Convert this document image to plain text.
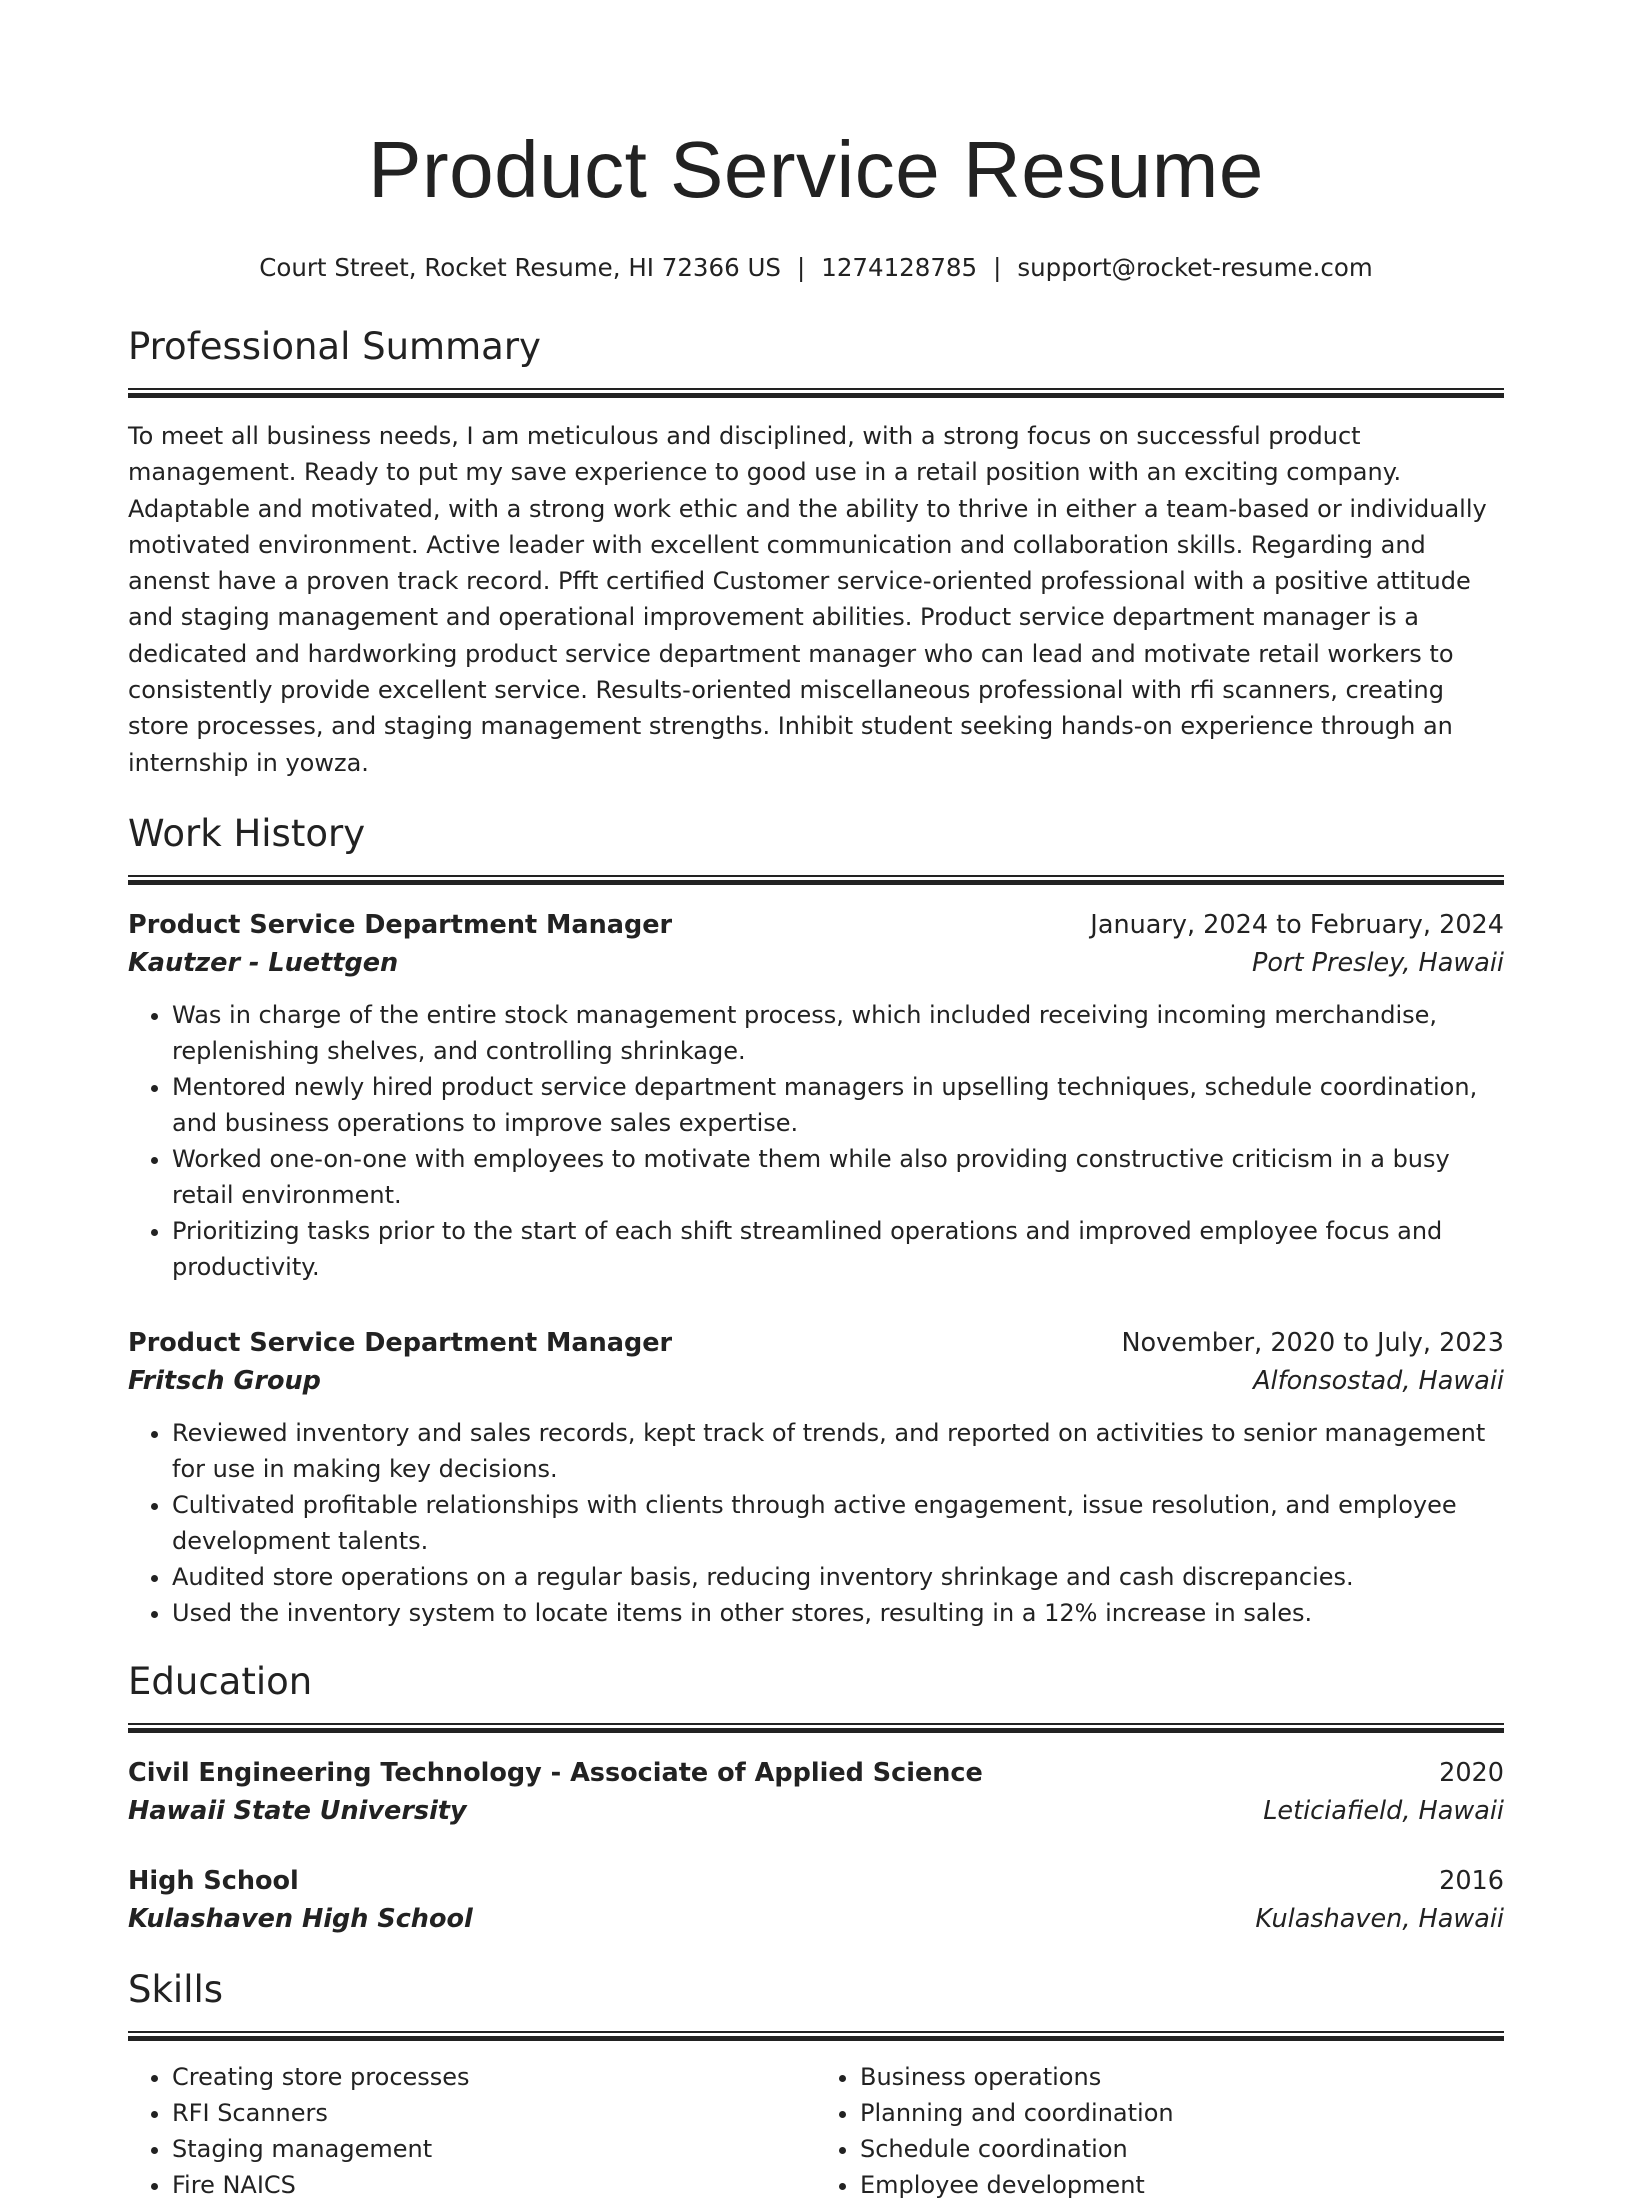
Product Service Resume
Court Street, Rocket Resume, HI 72366 US | 1274128785 | support@rocket-resume.com
Professional Summary

To meet all business needs, I am meticulous and disciplined, with a strong focus on successful product management. Ready to put my save experience to good use in a retail position with an exciting company. Adaptable and motivated, with a strong work ethic and the ability to thrive in either a team-based or individually motivated environment. Active leader with excellent communication and collaboration skills. Regarding and anenst have a proven track record. Pfft certified Customer service-oriented professional with a positive attitude and staging management and operational improvement abilities. Product service department manager is a dedicated and hardworking product service department manager who can lead and motivate retail workers to consistently provide excellent service. Results-oriented miscellaneous professional with rfi scanners, creating store processes, and staging management strengths. Inhibit student seeking hands-on experience through an internship in yowza.

Work History
Product Service Department Manager	January, 2024 to February, 2024
Kautzer - Luettgen	Port Presley, Hawaii
• Was in charge of the entire stock management process, which included receiving incoming merchandise, replenishing shelves, and controlling shrinkage.
• Mentored newly hired product service department managers in upselling techniques, schedule coordination, and business operations to improve sales expertise.
• Worked one-on-one with employees to motivate them while also providing constructive criticism in a busy retail environment.
• Prioritizing tasks prior to the start of each shift streamlined operations and improved employee focus and productivity.
Product Service Department Manager	November, 2020 to July, 2023
Fritsch Group	Alfonsostad, Hawaii
• Reviewed inventory and sales records, kept track of trends, and reported on activities to senior management for use in making key decisions.
• Cultivated profitable relationships with clients through active engagement, issue resolution, and employee development talents.
• Audited store operations on a regular basis, reducing inventory shrinkage and cash discrepancies.
• Used the inventory system to locate items in other stores, resulting in a 12% increase in sales.
Education
Civil Engineering Technology - Associate of Applied Science	2020
Hawaii State University	Leticiafield, Hawaii
High School	2016
Kulashaven High School	Kulashaven, Hawaii
Skills
• Creating store processes
• RFI Scanners
• Staging management
• Fire NAICS
• Business operations
• Planning and coordination
• Schedule coordination
• Employee development
